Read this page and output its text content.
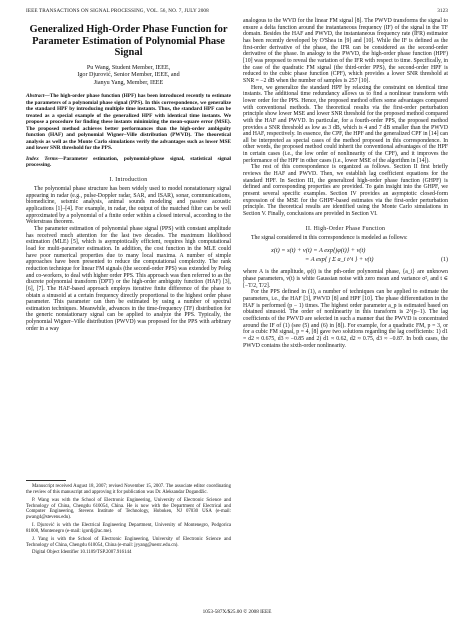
IEEE TRANSACTIONS ON SIGNAL PROCESSING, VOL. 56, NO. 7, JULY 2008	3123
Generalized High-Order Phase Function for Parameter Estimation of Polynomial Phase Signal
Pu Wang, Student Member, IEEE,
Igor Djurović, Senior Member, IEEE, and
Jianyu Yang, Member, IEEE
Abstract—The high-order phase function (HPF) has been introduced recently to estimate the parameters of a polynomial phase signal (PPS). In this correspondence, we generalize the standard HPF by introducing multiple time instants. Thus, the standard HPF can be treated as a special example of the generalized HPF with identical time instants. We propose a procedure for finding these instants minimizing the mean-square error (MSE). The proposed method achieves better performances than the high-order ambiguity function (HAF) and polynomial Wigner–Ville distribution (PWVD). The theoretical analysis as well as the Monte Carlo simulations verify the advantages such as lower MSE and lower SNR threshold for the PPS.
Index Terms—Parameter estimation, polynomial-phase signal, statistical signal processing.
I. Introduction

The polynomial phase structure has been widely used to model nonstationary signal appearing in radar (e.g., pulse-Doppler radar, SAR, and ISAR), sonar, communications, biomedicine, seismic analysis, animal sounds modeling and passive acoustic applications [1]–[4]. For example, in radar, the output of the matched filter can be well approximated by a polynomial of a finite order within a closed interval, according to the Weierstrass theorem.

The parameter estimation of polynomial phase signal (PPS) with constant amplitude has received much attention for the last two decades. The maximum likelihood estimation (MLE) [5], which is asymptotically efficient, requires high computational load for multi-parameter estimation. In addition, the cost function in the MLE could have poor numerical properties due to many local maxima. A number of simple approaches have been presented to reduce the computational complexity. The rank reduction technique for linear FM signals (the second-order PPS) was extended by Peleg and co-workers, to deal with higher order PPS. This approach was then referred to as the discrete polynomial transform (DPT) or the high-order ambiguity function (HAF) [3], [6], [7]. The HAF-based approach employs iterative finite difference of the phase to obtain a sinusoid at a certain frequency directly proportional to the highest order phase parameter. This parameter can then be estimated by using a number of spectral estimation techniques. Meanwhile, advances in the time-frequency (TF) distribution for the generic nonstationary signal can be applied to analyze the PPS. Typically, the polynomial Wigner–Ville distribution (PWVD) was proposed for the PPS with arbitrary order in a way

Manuscript received August 18, 2007; revised November 15, 2007. The associate editor coordinating the review of this manuscript and approving it for publication was Dr. Aleksandar Dogandžic.

P. Wang was with the School of Electronic Engineering, University of Electronic Science and Technology of China, Chengdu 610054, China. He is now with the Department of Electrical and Computer Engineering, Stevens Institute of Technology, Hoboken, NJ 07030 USA (e-mail: pwang4@stevens.edu).

I. Djurović is with the Electrical Engineering Department, University of Montenegro, Podgorica 81000, Montenegro (e-mail: igordj@ac.me).

J. Yang is with the School of Electronic Engineering, University of Electronic Science and Technology of China, Chengdu 610054, China (e-mail: jyyang@uestc.edu.cn).

Digital Object Identifier 10.1109/TSP.2007.916144

analogous to the WVD for the linear FM signal [8]. The PWVD transforms the signal to ensure a delta function around the instantaneous frequency (IF) of the signal in the TF domain. Besides the HAF and PWVD, the instantaneous frequency rate (IFR) estimator has been recently developed by O'Shea in [9] and [10]. While the IF is defined as the first-order derivative of the phase, the IFR can be considered as the second-order derivative of the phase. In analogy to the PWVD, the high-order phase function (HPF) [10] was proposed to reveal the variation of the IFR with respect to time. Specifically, in the case of the quadratic FM signal (the third-order PPS), the second-order HPF is reduced to the cubic phase function (CPF), which provides a lower SNR threshold at SNR = −2 dB when the number of samples is 257 [10].

Here, we generalize the standard HPF by relaxing the constraint on identical time instants. The additional time redundancy allows us to find a nonlinear transform with lower order for the PPS. Hence, the proposed method offers some advantages compared with conventional methods. The theoretical results via the first-order perturbation principle show lower MSE and lower SNR threshold for the proposed method compared with the HAF and PWVD. In particular, for a fourth-order PPS, the proposed method provides a SNR threshold as low as 3 dB, which is 4 and 7 dB smaller than the PWVD and HAF, respectively. In essence, the CPF, the HPF and the generalized CPF in [14] can all be interpreted as special cases of the method proposed in this correspondence. In other words, the proposed method could inherit the conventional advantages of the HPF in certain cases (i.e., the low order of nonlinearity of the CPF), and it improves the performance of the HPF in other cases (i.e., lower MSE of the algorithm in [14]).

The rest of this correspondence is organized as follows. Section II first briefly reviews the HAF and PWVD. Then, we establish lag coefficient equations for the standard HPF. In Section III, the generalized high-order phase function (GHPF) is defined and corresponding properties are provided. To gain insight into the GHPF, we present several specific examples. Section IV provides an asymptotic closed-form expression of the MSE for the GHPF-based estimates via the first-order perturbation principle. The theoretical results are identified using the Monte Carlo simulations in Section V. Finally, conclusions are provided in Section VI.

II. High-Order Phase Function

The signal considered in this correspondence is modeled as follows:

x(t) = s(t) + v(t) = A exp{jφ(t)} + v(t)
= A exp{ j Σ a_i t^i } + v(t)	(1)

where A is the amplitude, φ(t) is the pth-order polynomial phase, {a_i} are unknown phase parameters, v(t) is white Gaussian noise with zero mean and variance σ², and t ∈ [−T/2, T/2].

For the PPS defined in (1), a number of techniques can be applied to estimate the parameters, i.e., the HAF [3], PWVD [8] and HPF [10]. The phase differentiation in the HAF is performed (p − 1) times. The highest order parameter a_p is estimated based on obtained sinusoid. The order of nonlinearity in this transform is 2^(p−1). The lag coefficients of the PWVD are selected in such a manner that the PWVD is concentrated around the IF of (1) (see (5) and (6) in [8]). For example, for a quadratic FM, p = 3, or for a cubic FM signal, p = 4, [8] gave two solutions regarding the lag coefficients: 1) d1 = d2 ≈ 0.675, d3 ≈ −0.85 and 2) d1 ≈ 0.62, d2 ≈ 0.75, d3 ≈ −0.87. In both cases, the PWVD contains the sixth-order nonlinearity.

1053-587X/$25.00 © 2008 IEEE
